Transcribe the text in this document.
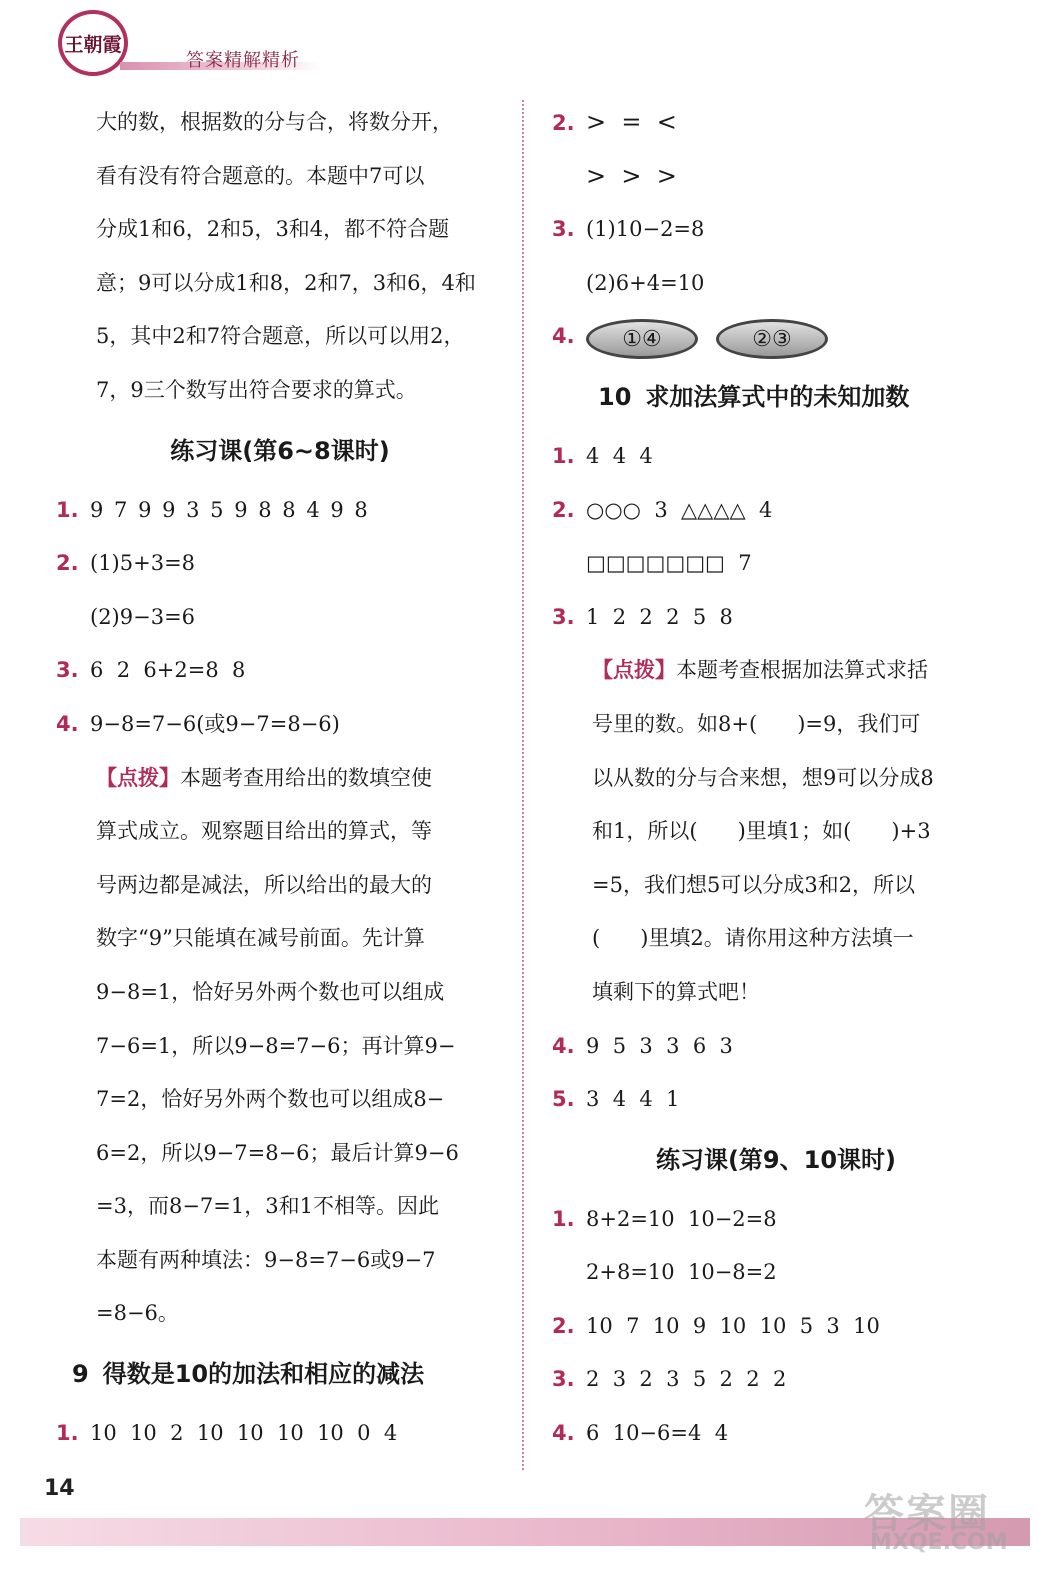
王朝霞
答案精解精析
大的数，根据数的分与合，将数分开，
看有没有符合题意的。本题中7可以
分成1和6，2和5，3和4，都不符合题
意；9可以分成1和8，2和7，3和6，4和
5，其中2和7符合题意，所以可以用2，
7，9三个数写出符合要求的算式。
练习课(第6~8课时)
1. 9 7 9 9 3 5 9 8 8 4 9 8
2. (1)5+3=8
(2)9−3=6
3. 6  2  6+2=8  8
4. 9−8=7−6(或9−7=8−6)
【点拨】本题考查用给出的数填空使
算式成立。观察题目给出的算式，等
号两边都是减法，所以给出的最大的
数字“9”只能填在减号前面。先计算
9−8=1，恰好另外两个数也可以组成
7−6=1，所以9−8=7−6；再计算9−
7=2，恰好另外两个数也可以组成8−
6=2，所以9−7=8−6；最后计算9−6
=3，而8−7=1，3和1不相等。因此
本题有两种填法：9−8=7−6或9−7
=8−6。
9 得数是10的加法和相应的减法
1. 10  10  2  10  10  10  10  0  4
2. >  =  <
>  >  >
3. (1)10−2=8
(2)6+4=10
4. ①④	②③
10 求加法算式中的未知加数
1. 4  4  4
2. ○○○  3  △△△△  4
□□□□□□□  7
3. 1  2  2  2  5  8
【点拨】本题考查根据加法算式求括
号里的数。如8+(      )=9，我们可
以从数的分与合来想，想9可以分成8
和1，所以(      )里填1；如(      )+3
=5，我们想5可以分成3和2，所以
(      )里填2。请你用这种方法填一
填剩下的算式吧！
4. 9  5  3  3  6  3
5. 3  4  4  1
练习课(第9、10课时)
1. 8+2=10  10−2=8
2+8=10  10−8=2
2. 10  7  10  9  10  10  5  3  10
3. 2  3  2  3  5  2  2  2
4. 6  10−6=4  4
14
答案圈
MXQE.COM
